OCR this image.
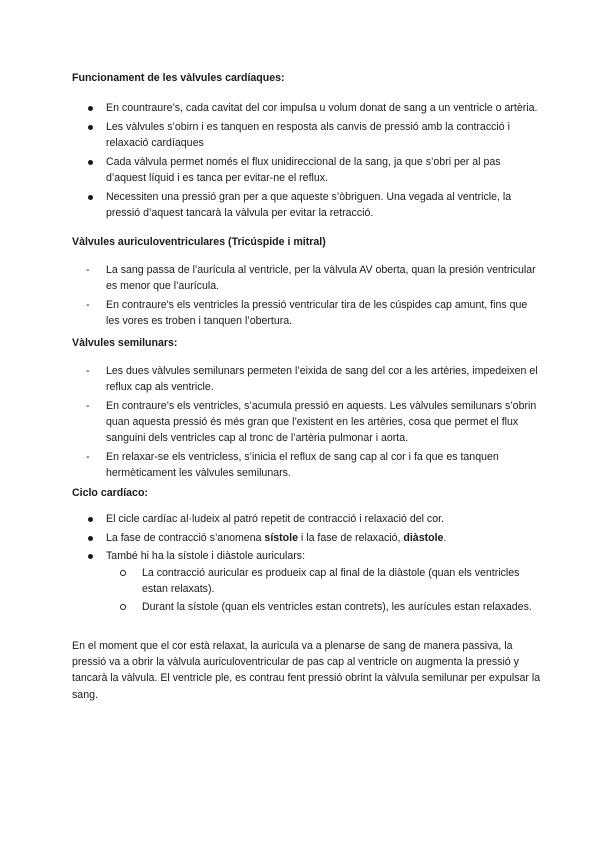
Funcionament de les vàlvules cardíaques:

En countraure’s, cada cavitat del cor impulsa u volum donat de sang a un ventricle o artèria.
Les vàlvules s’obirn i es tanquen en resposta als canvis de pressió amb la contracció i relaxació cardíaques
Cada vàlvula permet només el flux unidireccional de la sang, ja que s’obri per al pas d’aquest líquid i es tanca per evitar-ne el reflux.
Necessiten una pressió gran per a que aqueste s’òbriguen. Una vegada al ventricle, la pressió d’aquest tancarà la vàlvula per evitar la retracció.

Vàlvules auriculoventriculares (Tricúspide i mitral)

- La sang passa de l’aurícula al ventricle, per la vàlvula AV oberta, quan la presión ventricular es menor que l’aurícula.
- En contraure's els ventricles la pressió ventricular tira de les cúspides cap amunt, fins que les vores es troben i tanquen l’obertura.

Vàlvules semilunars:

- Les dues vàlvules semilunars permeten l’eixida de sang del cor a les artèries, impedeixen el reflux cap als ventricle.
- En contraure’s els ventricles, s’acumula pressió en aquests. Les vàlvules semilunars s’obrin quan aquesta pressió és més gran que l’existent en les artèries, cosa que permet el flux sanguini dels ventricles cap al tronc de l’artèria pulmonar i aorta.
- En relaxar-se els ventricless, s’inicia el reflux de sang cap al cor i fa que es tanquen hermèticament les vàlvules semilunars.

Ciclo cardíaco:

El cicle cardíac al·ludeix al patró repetit de contracció i relaxació del cor.
La fase de contracció s’anomena sístole i la fase de relaxació, diàstole.
També hi ha la sístole i diàstole auriculars:
La contracció auricular es produeix cap al final de la diàstole (quan els ventricles estan relaxats).
Durant la sístole (quan els ventricles estan contrets), les aurícules estan relaxades.

En el moment que el cor està relaxat, la auricula va a plenarse de sang de manera passiva, la pressió va a obrir la vàlvula auriculoventricular de pas cap al ventricle on augmenta la pressió y tancarà la vàlvula. El ventricle ple, es contrau fent pressió obrint la vàlvula semilunar per expulsar la sang.
